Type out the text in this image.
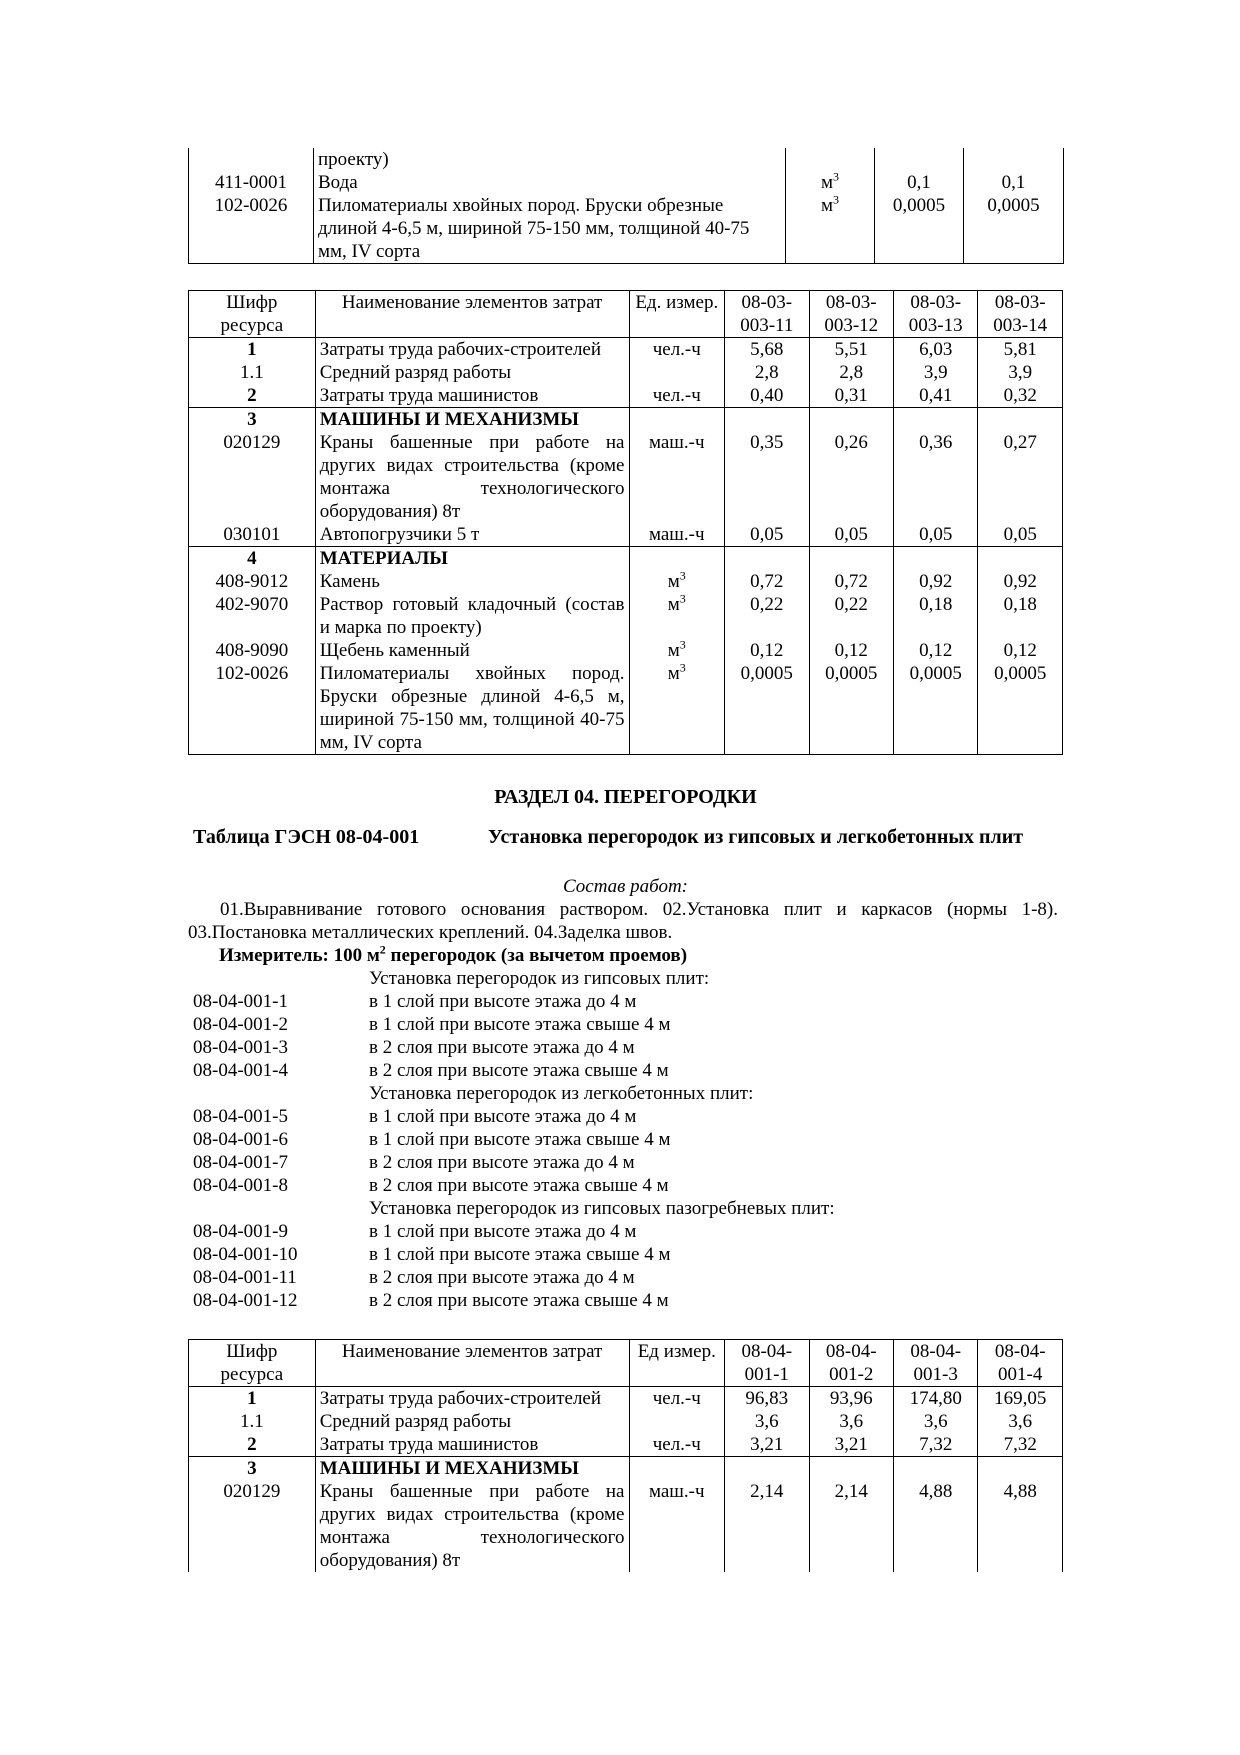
	проекту)			
411-0001	Вода	$м^3$	0,1	0,1
102-0026	Пиломатериалы хвойных пород. Бруски обрезные длиной 4-6,5 м, шириной 75-150 мм, толщиной 40-75 мм, IV сорта	$м^3$	0,0005	0,0005
Шифр ресурса	Наименование элементов затрат	Ед. измер.	08-03-003-11	08-03-003-12	08-03-003-13	08-03-003-14
1	Затраты труда рабочих-строителей	чел.-ч	5,68	5,51	6,03	5,81
1.1	Средний разряд работы		2,8	2,8	3,9	3,9
2	Затраты труда машинистов	чел.-ч	0,40	0,31	0,41	0,32
3	МАШИНЫ И МЕХАНИЗМЫ					
020129	Краны башенные при работе на других видах строительства (кроме монтажа технологического оборудования) 8т	маш.-ч	0,35	0,26	0,36	0,27
030101	Автопогрузчики 5 т	маш.-ч	0,05	0,05	0,05	0,05
4	МАТЕРИАЛЫ					
408-9012	Камень	$м^3$	0,72	0,72	0,92	0,92
402-9070	Раствор готовый кладочный (состав и марка по проекту)	$м^3$	0,22	0,22	0,18	0,18
408-9090	Щебень каменный	$м^3$	0,12	0,12	0,12	0,12
102-0026	Пиломатериалы хвойных пород. Бруски обрезные длиной 4-6,5 м, шириной 75-150 мм, толщиной 40-75 мм, IV сорта	$м^3$	0,0005	0,0005	0,0005	0,0005
РАЗДЕЛ 04. ПЕРЕГОРОДКИ
Таблица ГЭСН 08-04-001	Установка перегородок из гипсовых и легкобетонных плит
Состав работ:
01.Выравнивание готового основания раствором. 02.Установка плит и каркасов (нормы 1-8). 03.Постановка металлических креплений. 04.Заделка швов.
Измеритель: 100 $м^2$ перегородок (за вычетом проемов)
Установка перегородок из гипсовых плит:
08-04-001-1	в 1 слой при высоте этажа до 4 м
08-04-001-2	в 1 слой при высоте этажа свыше 4 м
08-04-001-3	в 2 слоя при высоте этажа до 4 м
08-04-001-4	в 2 слоя при высоте этажа свыше 4 м
Установка перегородок из легкобетонных плит:
08-04-001-5	в 1 слой при высоте этажа до 4 м
08-04-001-6	в 1 слой при высоте этажа свыше 4 м
08-04-001-7	в 2 слоя при высоте этажа до 4 м
08-04-001-8	в 2 слоя при высоте этажа свыше 4 м
Установка перегородок из гипсовых пазогребневых плит:
08-04-001-9	в 1 слой при высоте этажа до 4 м
08-04-001-10	в 1 слой при высоте этажа свыше 4 м
08-04-001-11	в 2 слоя при высоте этажа до 4 м
08-04-001-12	в 2 слоя при высоте этажа свыше 4 м
Шифр ресурса	Наименование элементов затрат	Ед измер.	08-04-001-1	08-04-001-2	08-04-001-3	08-04-001-4
1	Затраты труда рабочих-строителей	чел.-ч	96,83	93,96	174,80	169,05
1.1	Средний разряд работы		3,6	3,6	3,6	3,6
2	Затраты труда машинистов	чел.-ч	3,21	3,21	7,32	7,32
3	МАШИНЫ И МЕХАНИЗМЫ					
020129	Краны башенные при работе на других видах строительства (кроме монтажа технологического оборудования) 8т	маш.-ч	2,14	2,14	4,88	4,88
